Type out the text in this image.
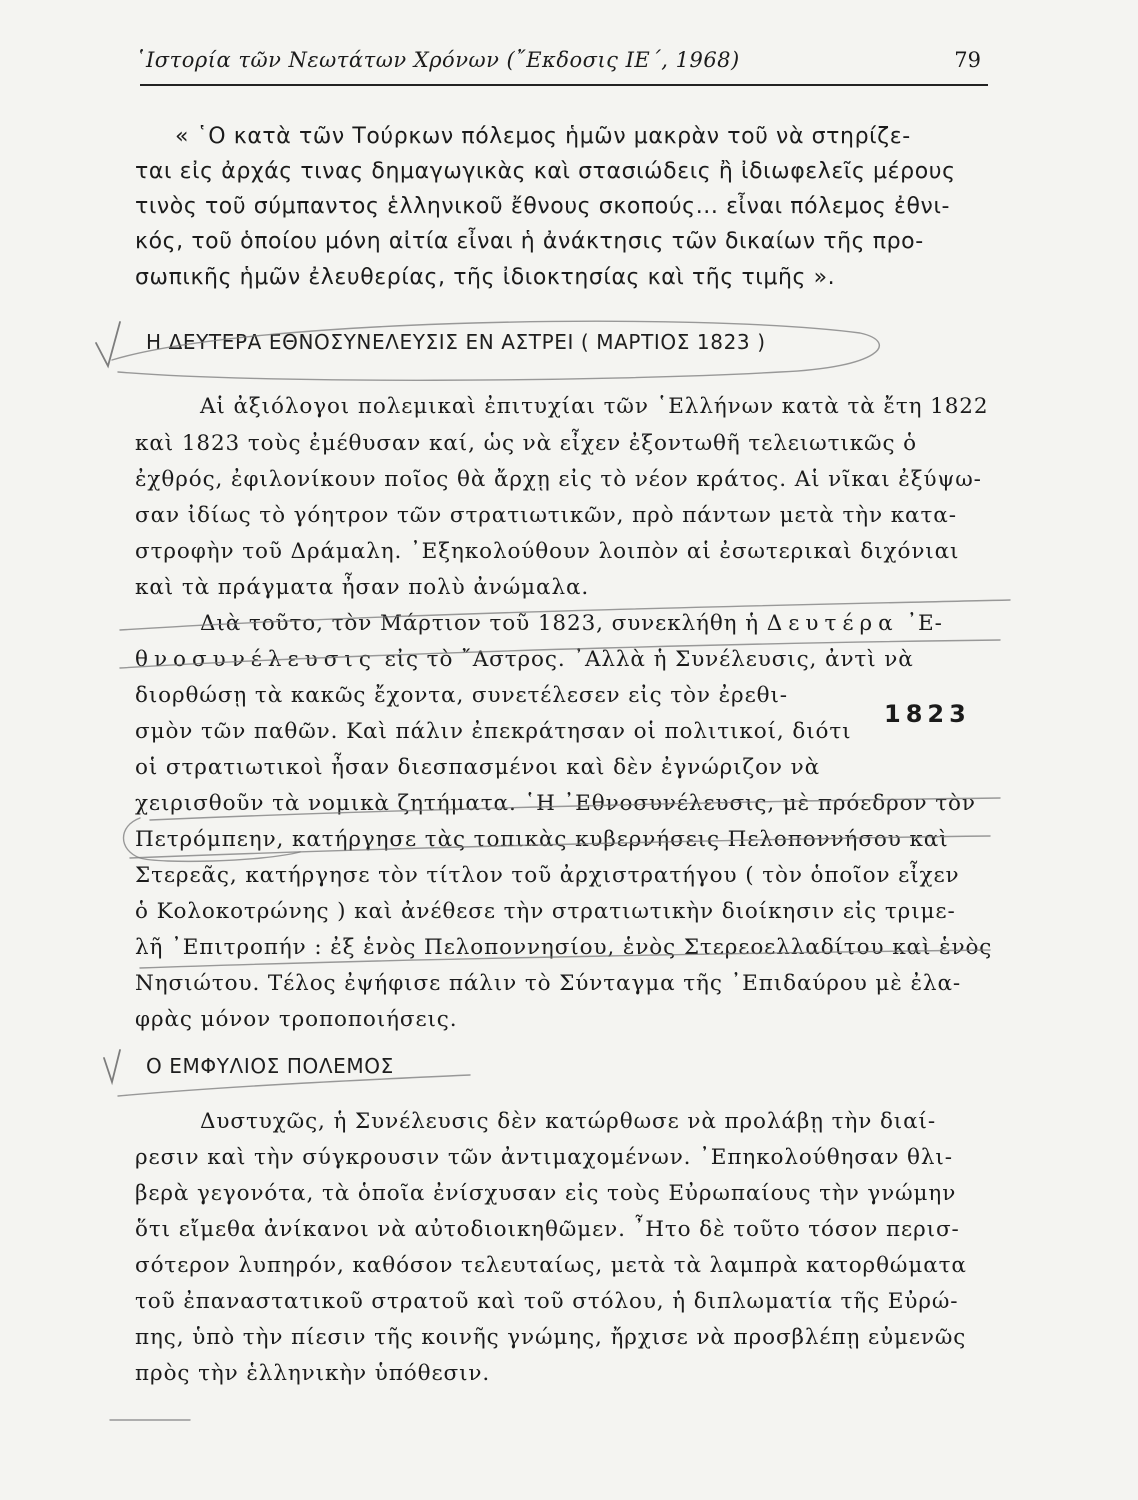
῾Ιστορία τῶν Νεωτάτων Χρόνων (῎Εκδοσις ΙΕ΄, 1968)	79
« ῾Ο κατὰ τῶν Τούρκων πόλεμος ἡμῶν μακρὰν τοῦ νὰ στηρίζε-
ται εἰς ἀρχάς τινας δημαγωγικὰς καὶ στασιώδεις ἢ ἰδιωφελεῖς μέρους
τινὸς τοῦ σύμπαντος ἑλληνικοῦ ἔθνους σκοπούς... εἶναι πόλεμος ἐθνι-
κός, τοῦ ὁποίου μόνη αἰτία εἶναι ἡ ἀνάκτησις τῶν δικαίων τῆς προ-
σωπικῆς ἡμῶν ἐλευθερίας, τῆς ἰδιοκτησίας καὶ τῆς τιμῆς ».
Η ΔΕΥΤΕΡΑ ΕΘΝΟΣΥΝΕΛΕΥΣΙΣ ΕΝ ΑΣΤΡΕΙ ( ΜΑΡΤΙΟΣ 1823 )
Αἱ ἀξιόλογοι πολεμικαὶ ἐπιτυχίαι τῶν ῾Ελλήνων κατὰ τὰ ἔτη 1822
καὶ 1823 τοὺς ἐμέθυσαν καί, ὡς νὰ εἶχεν ἐξοντωθῆ τελειωτικῶς ὁ
ἐχθρός, ἐφιλονίκουν ποῖος θὰ ἄρχῃ εἰς τὸ νέον κράτος. Αἱ νῖκαι ἐξύψω-
σαν ἰδίως τὸ γόητρον τῶν στρατιωτικῶν, πρὸ πάντων μετὰ τὴν κατα-
στροφὴν τοῦ Δράμαλη. ᾿Εξηκολούθουν λοιπὸν αἱ ἐσωτερικαὶ διχόνιαι
καὶ τὰ πράγματα ἦσαν πολὺ ἀνώμαλα.
Διὰ τοῦτο, τὸν Μάρτιον τοῦ 1823, συνεκλήθη ἡ Δευτέρα ᾿Ε-
θνοσυνέλευσις εἰς τὸ ῎Αστρος. ᾿Αλλὰ ἡ Συνέλευσις, ἀντὶ νὰ
διορθώσῃ τὰ κακῶς ἔχοντα, συνετέλεσεν εἰς τὸν ἐρεθι-
σμὸν τῶν παθῶν. Καὶ πάλιν ἐπεκράτησαν οἱ πολιτικοί, διότι
οἱ στρατιωτικοὶ ἦσαν διεσπασμένοι καὶ δὲν ἐγνώριζον νὰ
χειρισθοῦν τὰ νομικὰ ζητήματα. ῾Η ᾿Εθνοσυνέλευσις, μὲ πρόεδρον τὸν
Πετρόμπεην, κατήργησε τὰς τοπικὰς κυβερνήσεις Πελοποννήσου καὶ
Στερεᾶς, κατήργησε τὸν τίτλον τοῦ ἀρχιστρατήγου ( τὸν ὁποῖον εἶχεν
ὁ Κολοκοτρώνης ) καὶ ἀνέθεσε τὴν στρατιωτικὴν διοίκησιν εἰς τριμε-
λῆ ᾿Επιτροπήν : ἐξ ἑνὸς Πελοποννησίου, ἑνὸς Στερεοελλαδίτου καὶ ἑνὸς
Νησιώτου. Τέλος ἐψήφισε πάλιν τὸ Σύνταγμα τῆς ᾿Επιδαύρου μὲ ἐλα-
φρὰς μόνον τροποποιήσεις.
1823
Ο ΕΜΦΥΛΙΟΣ ΠΟΛΕΜΟΣ
Δυστυχῶς, ἡ Συνέλευσις δὲν κατώρθωσε νὰ προλάβῃ τὴν διαί-
ρεσιν καὶ τὴν σύγκρουσιν τῶν ἀντιμαχομένων. ᾿Επηκολούθησαν θλι-
βερὰ γεγονότα, τὰ ὁποῖα ἐνίσχυσαν εἰς τοὺς Εὐρωπαίους τὴν γνώμην
ὅτι εἴμεθα ἀνίκανοι νὰ αὐτοδιοικηθῶμεν. ῏Ητο δὲ τοῦτο τόσον περισ-
σότερον λυπηρόν, καθόσον τελευταίως, μετὰ τὰ λαμπρὰ κατορθώματα
τοῦ ἐπαναστατικοῦ στρατοῦ καὶ τοῦ στόλου, ἡ διπλωματία τῆς Εὐρώ-
πης, ὑπὸ τὴν πίεσιν τῆς κοινῆς γνώμης, ἤρχισε νὰ προσβλέπῃ εὐμενῶς
πρὸς τὴν ἑλληνικὴν ὑπόθεσιν.
